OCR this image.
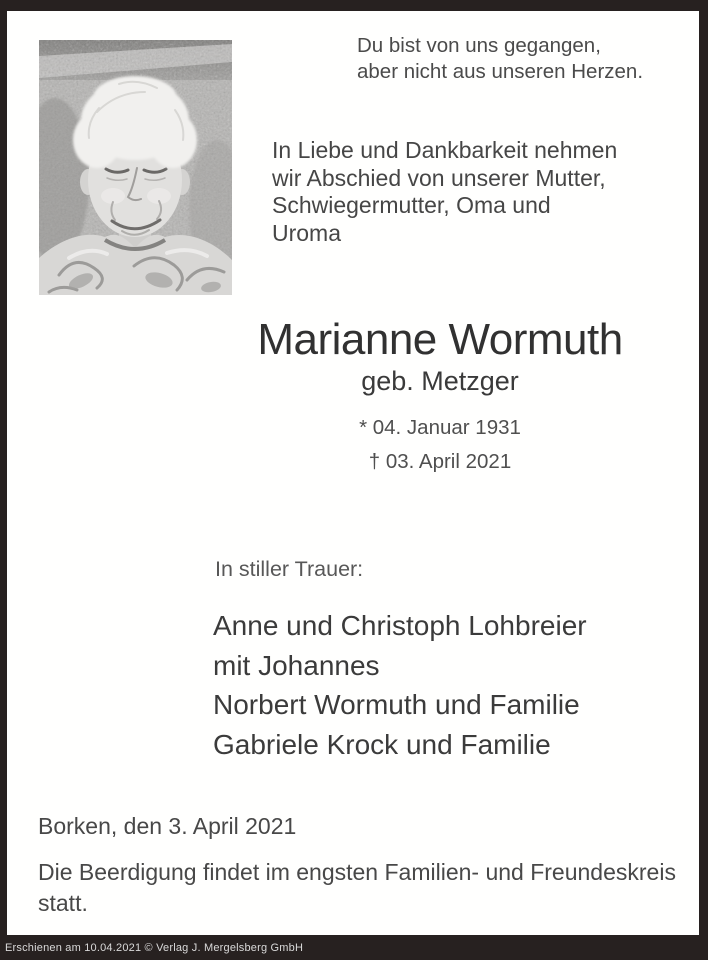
Du bist von uns gegangen,
aber nicht aus unseren Herzen.
In Liebe und Dankbarkeit nehmen
wir Abschied von unserer Mutter,
Schwiegermutter, Oma und
Uroma
Marianne Wormuth
geb. Metzger
* 04. Januar 1931
† 03. April 2021
In stiller Trauer:
Anne und Christoph Lohbreier
mit Johannes
Norbert Wormuth und Familie
Gabriele Krock und Familie
Borken, den 3. April 2021
Die Beerdigung findet im engsten Familien- und Freundeskreis
statt.
Erschienen am 10.04.2021 © Verlag J. Mergelsberg GmbH
